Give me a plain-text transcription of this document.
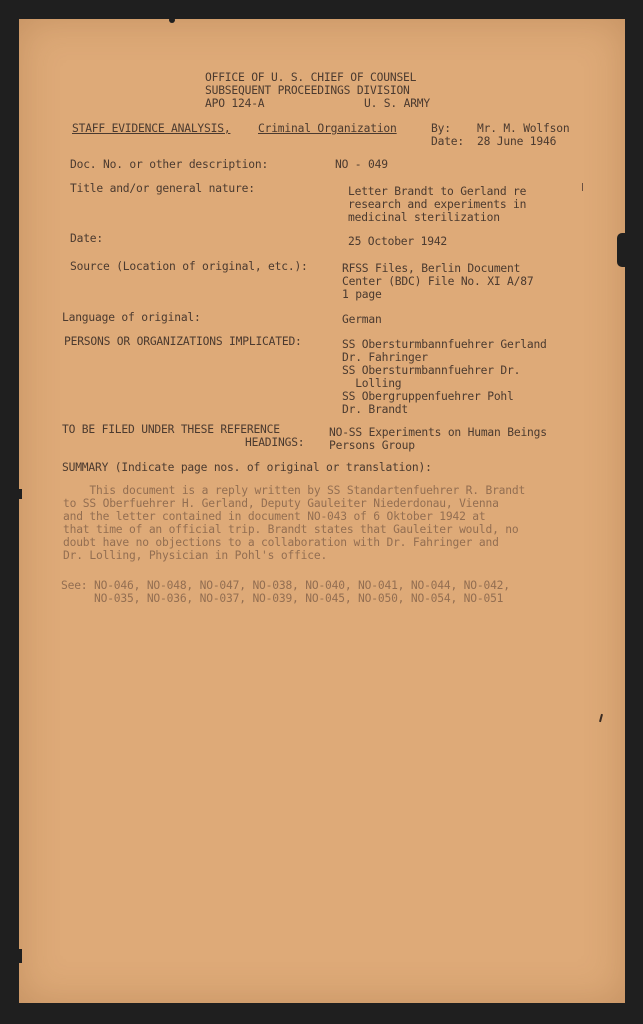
OFFICE OF U. S. CHIEF OF COUNSEL
SUBSEQUENT PROCEEDINGS DIVISION
APO 124-A	U. S. ARMY
STAFF EVIDENCE ANALYSIS, Criminal Organization	By: Mr. M. Wolfson
Date: 28 June 1946
Doc. No. or other description:	NO - 049
Title and/or general nature:	Letter Brandt to Gerland re
research and experiments in
medicinal sterilization
Date:	25 October 1942
Source (Location of original, etc.):	RFSS Files, Berlin Document
Center (BDC) File No. XI A/87
1 page
Language of original:	German
PERSONS OR ORGANIZATIONS IMPLICATED:	SS Obersturmbannfuehrer Gerland
Dr. Fahringer
SS Obersturmbannfuehrer Dr.
Lolling
SS Obergruppenfuehrer Pohl
Dr. Brandt
TO BE FILED UNDER THESE REFERENCE
HEADINGS:
NO-SS Experiments on Human Beings
Persons Group
SUMMARY (Indicate page nos. of original or translation):
This document is a reply written by SS Standartenfuehrer R. Brandt
to SS Oberfuehrer H. Gerland, Deputy Gauleiter Niederdonau, Vienna
and the letter contained in document NO-043 of 6 Oktober 1942 at
that time of an official trip. Brandt states that Gauleiter would, no
doubt have no objections to a collaboration with Dr. Fahringer and
Dr. Lolling, Physician in Pohl's office.
See: NO-046, NO-048, NO-047, NO-038, NO-040, NO-041, NO-044, NO-042,
NO-035, NO-036, NO-037, NO-039, NO-045, NO-050, NO-054, NO-051
